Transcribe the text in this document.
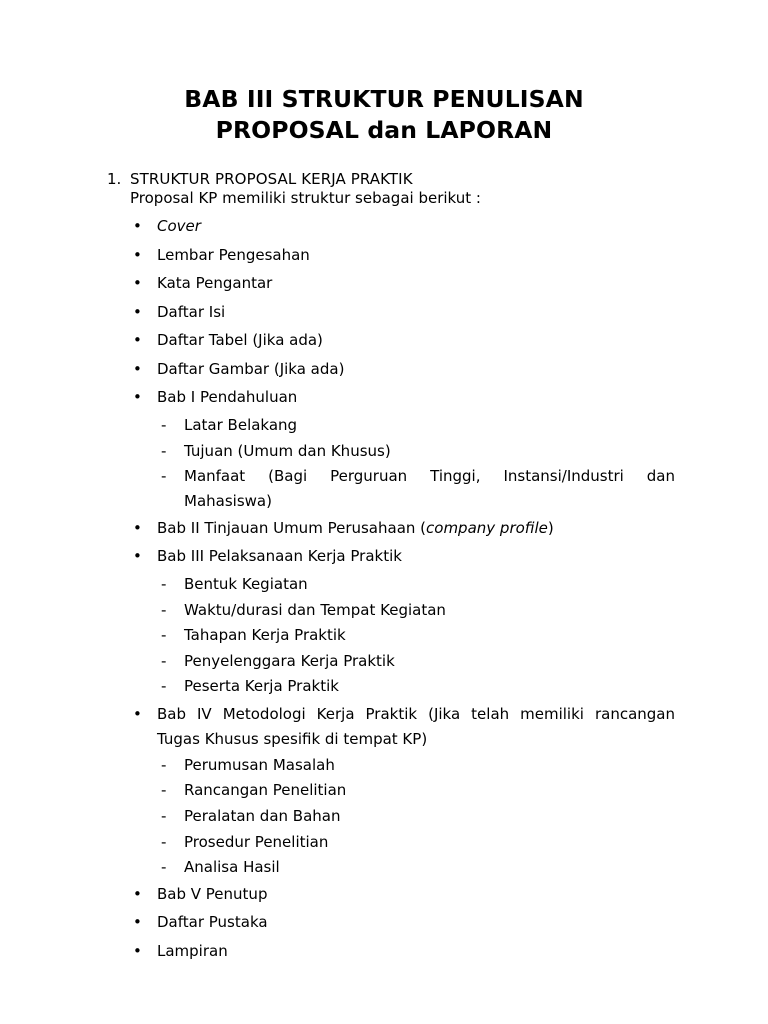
BAB III STRUKTUR PENULISAN
PROPOSAL dan LAPORAN
1. STRUKTUR PROPOSAL KERJA PRAKTIK
Proposal KP memiliki struktur sebagai berikut :
• Cover
• Lembar Pengesahan
• Kata Pengantar
• Daftar Isi
• Daftar Tabel (Jika ada)
• Daftar Gambar (Jika ada)
• Bab I Pendahuluan
- Latar Belakang
- Tujuan (Umum dan Khusus)
- Manfaat (Bagi Perguruan Tinggi, Instansi/Industri dan
Mahasiswa)
• Bab II Tinjauan Umum Perusahaan (company profile)
• Bab III Pelaksanaan Kerja Praktik
- Bentuk Kegiatan
- Waktu/durasi dan Tempat Kegiatan
- Tahapan Kerja Praktik
- Penyelenggara Kerja Praktik
- Peserta Kerja Praktik
• Bab IV Metodologi Kerja Praktik (Jika telah memiliki rancangan
Tugas Khusus spesifik di tempat KP)
- Perumusan Masalah
- Rancangan Penelitian
- Peralatan dan Bahan
- Prosedur Penelitian
- Analisa Hasil
• Bab V Penutup
• Daftar Pustaka
• Lampiran
